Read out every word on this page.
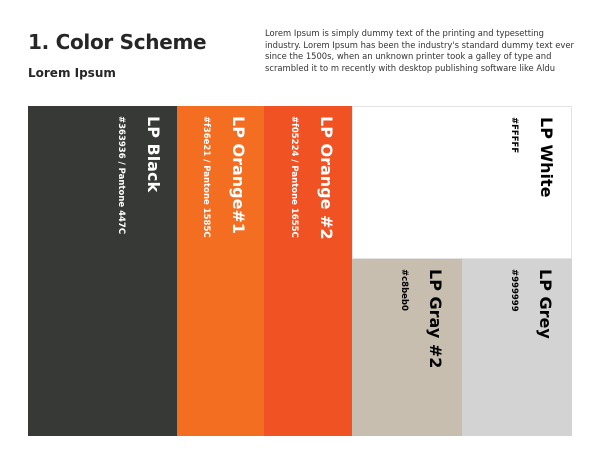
1. Color Scheme
Lorem Ipsum
Lorem Ipsum is simply dummy text of the printing and typesetting industry. Lorem Ipsum has been the industry's standard dummy text ever since the 1500s, when an unknown printer took a galley of type and scrambled it to m recently with desktop publishing software like Aldu
LP Black
#363936 / Pantone 447C	LP Orange#1
#f36e21 / Pantone 1585C	LP Orange #2
#f05224 / Pantone 1655C	LP White
#FFFFF
LP Gray #2
#c8beb0	LP Grey
#999999
